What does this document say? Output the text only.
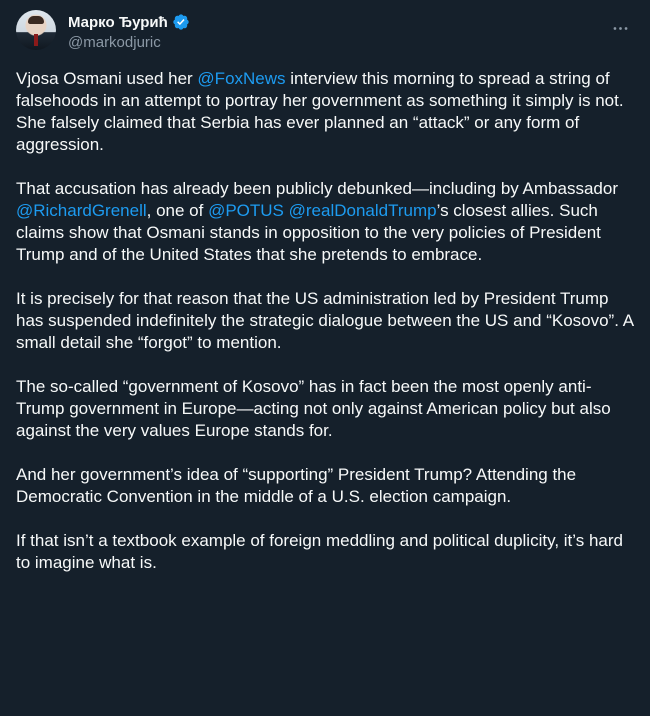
Марко Ђурић
@markodjuric

Vjosa Osmani used her @FoxNews interview this morning to spread a string of falsehoods in an attempt to portray her government as something it simply is not. She falsely claimed that Serbia has ever planned an “attack” or any form of aggression.

That accusation has already been publicly debunked—including by Ambassador @RichardGrenell, one of @POTUS @realDonaldTrump’s closest allies. Such claims show that Osmani stands in opposition to the very policies of President Trump and of the United States that she pretends to embrace.

It is precisely for that reason that the US administration led by President Trump has suspended indefinitely the strategic dialogue between the US and “Kosovo”. A small detail she “forgot” to mention.

The so-called “government of Kosovo” has in fact been the most openly anti-Trump government in Europe—acting not only against American policy but also against the very values Europe stands for.

And her government’s idea of “supporting” President Trump? Attending the Democratic Convention in the middle of a U.S. election campaign.

If that isn’t a textbook example of foreign meddling and political duplicity, it’s hard to imagine what is.
